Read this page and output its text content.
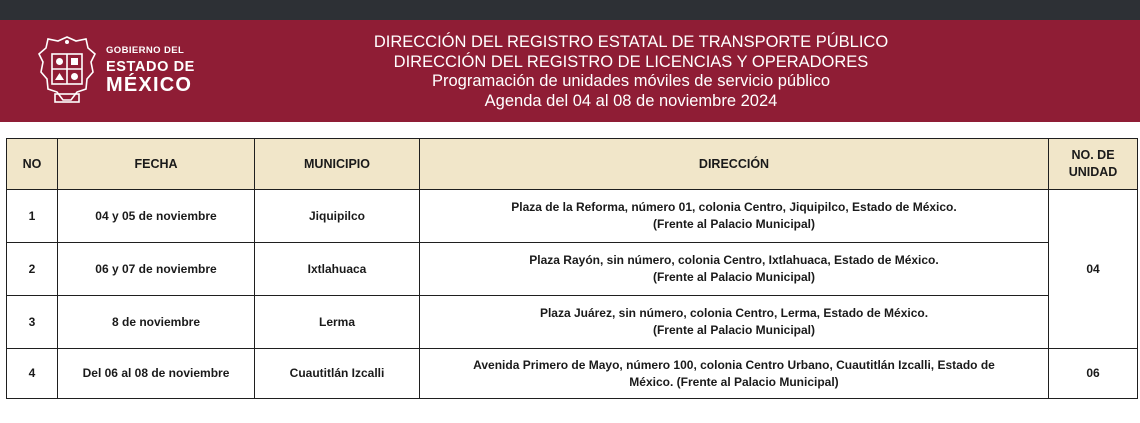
GOBIERNO DEL
ESTADO DE
MÉXICO
DIRECCIÓN DEL REGISTRO ESTATAL DE TRANSPORTE PÚBLICO
DIRECCIÓN DEL REGISTRO DE LICENCIAS Y OPERADORES
Programación de unidades móviles de servicio público
Agenda del 04 al 08 de noviembre 2024
NO	FECHA	MUNICIPIO	DIRECCIÓN	NO. DE UNIDAD
1	04 y 05 de noviembre	Jiquipilco	Plaza de la Reforma, número 01, colonia Centro, Jiquipilco, Estado de México.
(Frente al Palacio Municipal)	04
2	06 y 07 de noviembre	Ixtlahuaca	Plaza Rayón, sin número, colonia Centro, Ixtlahuaca, Estado de México.
(Frente al Palacio Municipal)	

3	8 de noviembre	Lerma	Plaza Juárez, sin número, colonia Centro, Lerma, Estado de México.
(Frente al Palacio Municipal)	

4	Del 06 al 08 de noviembre	Cuautitlán Izcalli	Avenida Primero de Mayo, número 100, colonia Centro Urbano, Cuautitlán Izcalli, Estado de
México. (Frente al Palacio Municipal)	06
